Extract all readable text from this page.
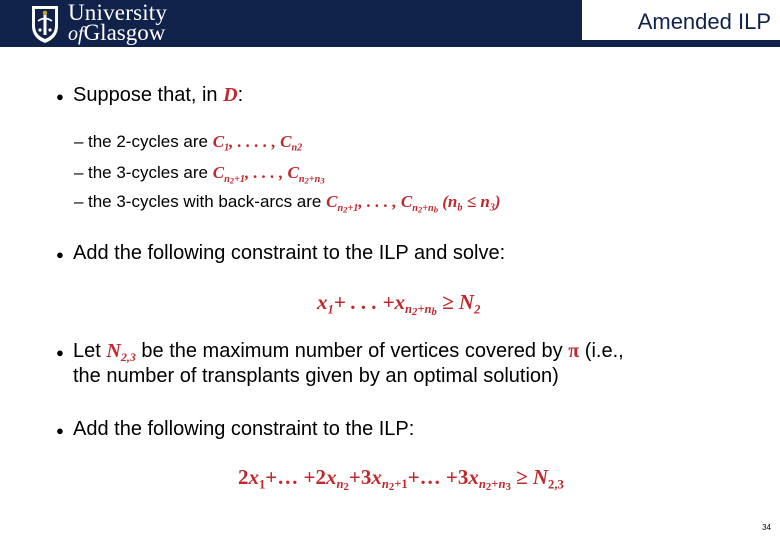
University
ofGlasgow	Amended ILP
● Suppose that, in D:
– the 2-cycles are $C_1$, . . . . , $C_{n2}$
– the 3-cycles are $C_{n_2+1}$, . . . , $C_{n_2+n_3}$
– the 3-cycles with back-arcs are $C_{n_2+1}$, . . . , $C_{n_2+n_b}$ $(n_b \le n_3)$
● Add the following constraint to the ILP and solve:
$x_1+$ . . . $+x_{n_2+n_b} \ge N_2$
● Let $N_{2,3}$ be the maximum number of vertices covered by π (i.e.,
the number of transplants given by an optimal solution)
● Add the following constraint to the ILP:
$2x_1+\dots$ $+2x_{n_2}+3x_{n_2+1}+\dots +3x_{n_2+n_3} \ge N_{2,3}$
34
